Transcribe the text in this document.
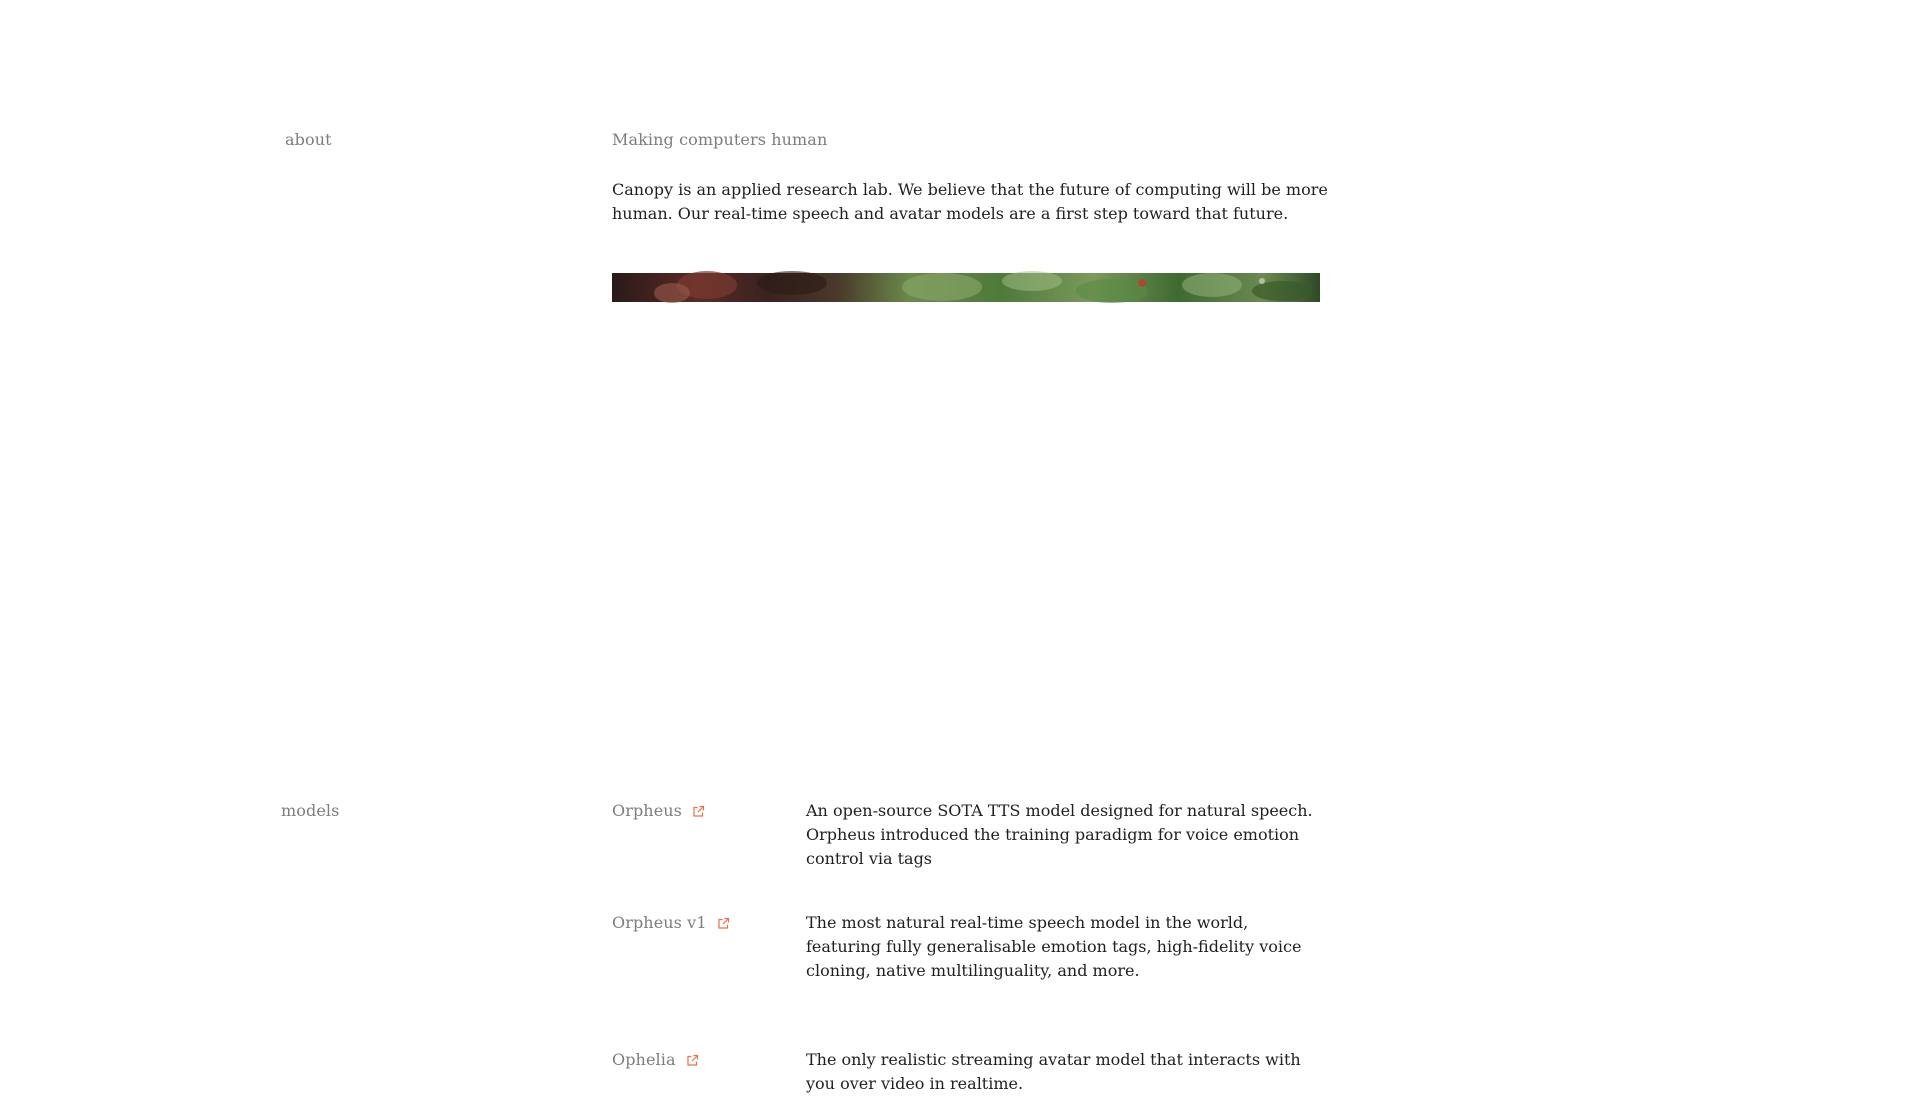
about	Making computers human
Canopy is an applied research lab. We believe that the future of computing will be more human. Our real-time speech and avatar models are a first step toward that future.
models	Orpheus	An open-source SOTA TTS model designed for natural speech. Orpheus introduced the training paradigm for voice emotion control via tags
Orpheus v1	The most natural real-time speech model in the world, featuring fully generalisable emotion tags, high-fidelity voice cloning, native multilinguality, and more.
Ophelia	The only realistic streaming avatar model that interacts with you over video in realtime.
